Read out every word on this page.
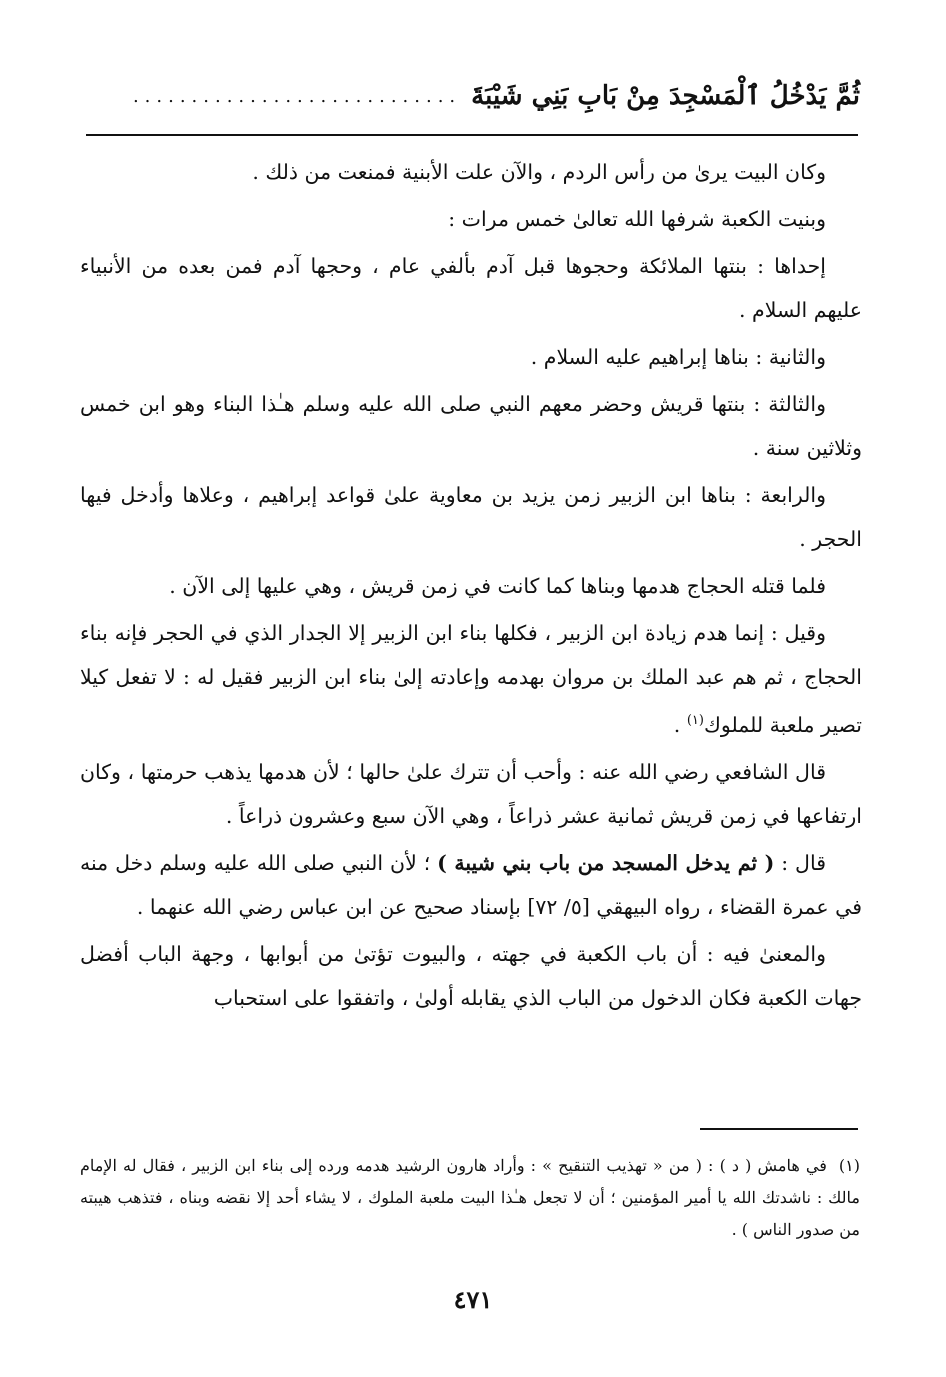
ثُمَّ يَدْخُلُ ٱلْمَسْجِدَ مِنْ بَابِ بَنِي شَيْبَةَ
............................

وكان البيت يرىٰ من رأس الردم ، والآن علت الأبنية فمنعت من ذلك .

وبنيت الكعبة شرفها الله تعالىٰ خمس مرات :

إحداها : بنتها الملائكة وحجوها قبل آدم بألفي عام ، وحجها آدم فمن بعده من الأنبياء عليهم السلام .

والثانية : بناها إبراهيم عليه السلام .

والثالثة : بنتها قريش وحضر معهم النبي صلى الله عليه وسلم هـٰذا البناء وهو ابن خمس وثلاثين سنة .

والرابعة : بناها ابن الزبير زمن يزيد بن معاوية علىٰ قواعد إبراهيم ، وعلاها وأدخل فيها الحجر .

فلما قتله الحجاج هدمها وبناها كما كانت في زمن قريش ، وهي عليها إلى الآن .

وقيل : إنما هدم زيادة ابن الزبير ، فكلها بناء ابن الزبير إلا الجدار الذي في الحجر فإنه بناء الحجاج ، ثم هم عبد الملك بن مروان بهدمه وإعادته إلىٰ بناء ابن الزبير فقيل له : لا تفعل كيلا تصير ملعبة للملوك$^{(١)}$ .

قال الشافعي رضي الله عنه : وأحب أن تترك علىٰ حالها ؛ لأن هدمها يذهب حرمتها ، وكان ارتفاعها في زمن قريش ثمانية عشر ذراعاً ، وهي الآن سبع وعشرون ذراعاً .

قال : ( ثم يدخل المسجد من باب بني شيبة ) ؛ لأن النبي صلى الله عليه وسلم دخل منه في عمرة القضاء ، رواه البيهقي [٥/ ٧٢] بإسناد صحيح عن ابن عباس رضي الله عنهما .

والمعنىٰ فيه : أن باب الكعبة في جهته ، والبيوت تؤتىٰ من أبوابها ، وجهة الباب أفضل جهات الكعبة فكان الدخول من الباب الذي يقابله أولىٰ ، واتفقوا على استحباب

(١)في هامش ( د ) : ( من « تهذيب التنقيح » : وأراد هارون الرشيد هدمه ورده إلى بناء ابن الزبير ، فقال له الإمام مالك : ناشدتك الله يا أمير المؤمنين ؛ أن لا تجعل هـٰذا البيت ملعبة الملوك ، لا يشاء أحد إلا نقضه وبناه ، فتذهب هيبته من صدور الناس ) .
٤٧١
